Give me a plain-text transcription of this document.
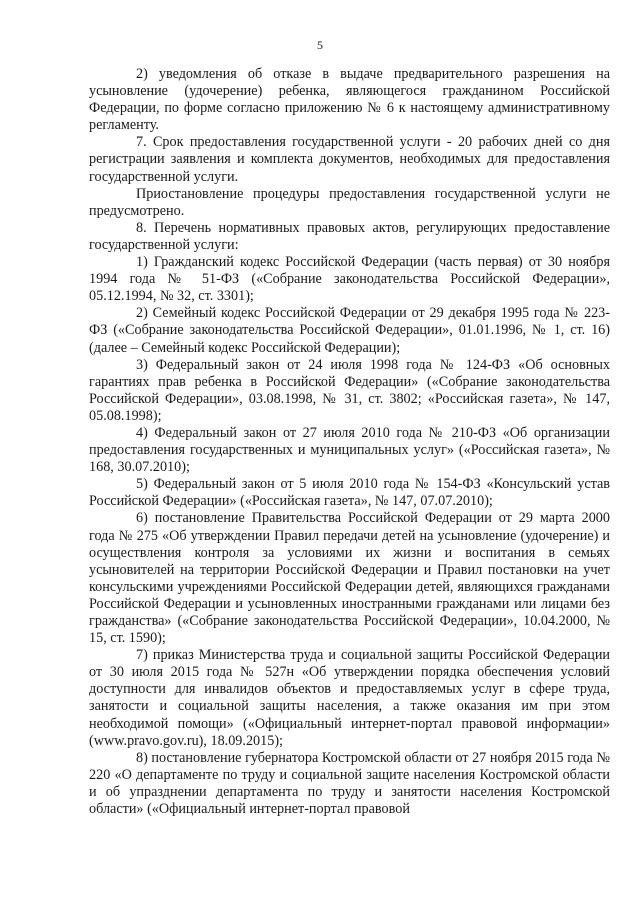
5

2) уведомления об отказе в выдаче предварительного разрешения на усыновление (удочерение) ребенка, являющегося гражданином Российской Федерации, по форме согласно приложению № 6 к настоящему административному регламенту.

7. Срок предоставления государственной услуги - 20 рабочих дней со дня регистрации заявления и комплекта документов, необходимых для предоставления государственной услуги.

Приостановление процедуры предоставления государственной услуги не предусмотрено.

8. Перечень нормативных правовых актов, регулирующих предоставление государственной услуги:

1) Гражданский кодекс Российской Федерации (часть первая) от 30 ноября 1994 года № 51-ФЗ («Собрание законодательства Российской Федерации», 05.12.1994, № 32, ст. 3301);

2) Семейный кодекс Российской Федерации от 29 декабря 1995 года № 223-ФЗ («Собрание законодательства Российской Федерации», 01.01.1996, № 1, ст. 16) (далее – Семейный кодекс Российской Федерации);

3) Федеральный закон от 24 июля 1998 года № 124-ФЗ «Об основных гарантиях прав ребенка в Российской Федерации» («Собрание законодательства Российской Федерации», 03.08.1998, № 31, ст. 3802; «Российская газета», № 147, 05.08.1998);

4) Федеральный закон от 27 июля 2010 года № 210-ФЗ «Об организации предоставления государственных и муниципальных услуг» («Российская газета», № 168, 30.07.2010);

5) Федеральный закон от 5 июля 2010 года № 154-ФЗ «Консульский устав Российской Федерации» («Российская газета», № 147, 07.07.2010);

6) постановление Правительства Российской Федерации от 29 марта 2000 года № 275 «Об утверждении Правил передачи детей на усыновление (удочерение) и осуществления контроля за условиями их жизни и воспитания в семьях усыновителей на территории Российской Федерации и Правил постановки на учет консульскими учреждениями Российской Федерации детей, являющихся гражданами Российской Федерации и усыновленных иностранными гражданами или лицами без гражданства» («Собрание законодательства Российской Федерации», 10.04.2000, № 15, ст. 1590);

7) приказ Министерства труда и социальной защиты Российской Федерации от 30 июля 2015 года № 527н «Об утверждении порядка обеспечения условий доступности для инвалидов объектов и предоставляемых услуг в сфере труда, занятости и социальной защиты населения, а также оказания им при этом необходимой помощи» («Официальный интернет-портал правовой информации» (www.pravo.gov.ru), 18.09.2015);

8) постановление губернатора Костромской области от 27 ноября 2015 года № 220 «О департаменте по труду и социальной защите населения Костромской области и об упразднении департамента по труду и занятости населения Костромской области» («Официальный интернет-портал правовой
